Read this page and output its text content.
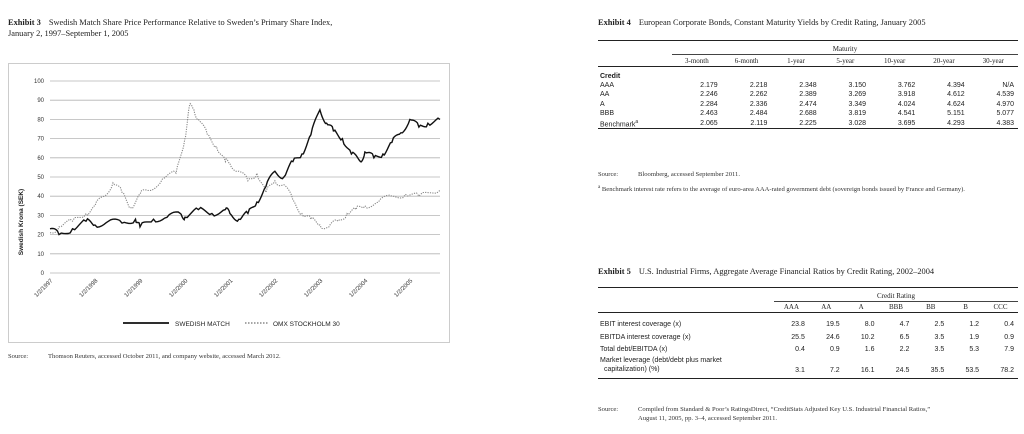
Exhibit 3 Swedish Match Share Price Performance Relative to Sweden’s Primary Share Index,
January 2, 1997–September 1, 2005
0
10
20
30
40
50
60
70
80
90
100
1/2/1997	1/2/1998	1/2/1999	1/2/2000	1/2/2001	1/2/2002	1/2/2003	1/2/2004	1/2/2005
Swedish Krona (SEK)
SWEDISH MATCH	OMX STOCKHOLM 30
Source:	Thomson Reuters, accessed October 2011, and company website, accessed March 2012.
Exhibit 4 European Corporate Bonds, Constant Maturity Yields by Credit Rating, January 2005
	Maturity						
	3-month	6-month	1-year	5-year	10-year	20-year	30-year
Credit							
AAA	2.179	2.218	2.348	3.150	3.762	4.394	N/A
AA	2.246	2.262	2.389	3.269	3.918	4.612	4.539
A	2.284	2.336	2.474	3.349	4.024	4.624	4.970
BBB	2.463	2.484	2.688	3.819	4.541	5.151	5.077
Benchmark$^a$	2.065	2.119	2.225	3.028	3.695	4.293	4.383
Source:	Bloomberg, accessed September 2011.
$^a$ Benchmark interest rate refers to the average of euro-area AAA-rated government debt (sovereign bonds issued by France and Germany).
Exhibit 5 U.S. Industrial Firms, Aggregate Average Financial Ratios by Credit Rating, 2002–2004
	Credit Rating						
	AAA	AA	A	BBB	BB	B	CCC

EBIT interest coverage (x)	23.8	19.5	8.0	4.7	2.5	1.2	0.4
EBITDA interest coverage (x)	25.5	24.6	10.2	6.5	3.5	1.9	0.9
Total debt/EBITDA (x)	0.4	0.9	1.6	2.2	3.5	5.3	7.9
Market leverage (debt/debt plus market
capitalization) (%)	3.1	7.2	16.1	24.5	35.5	53.5	78.2
Source:	Compiled from Standard & Poor’s RatingsDirect, “CreditStats Adjusted Key U.S. Industrial Financial Ratios,”
August 11, 2005, pp. 3–4, accessed September 2011.
